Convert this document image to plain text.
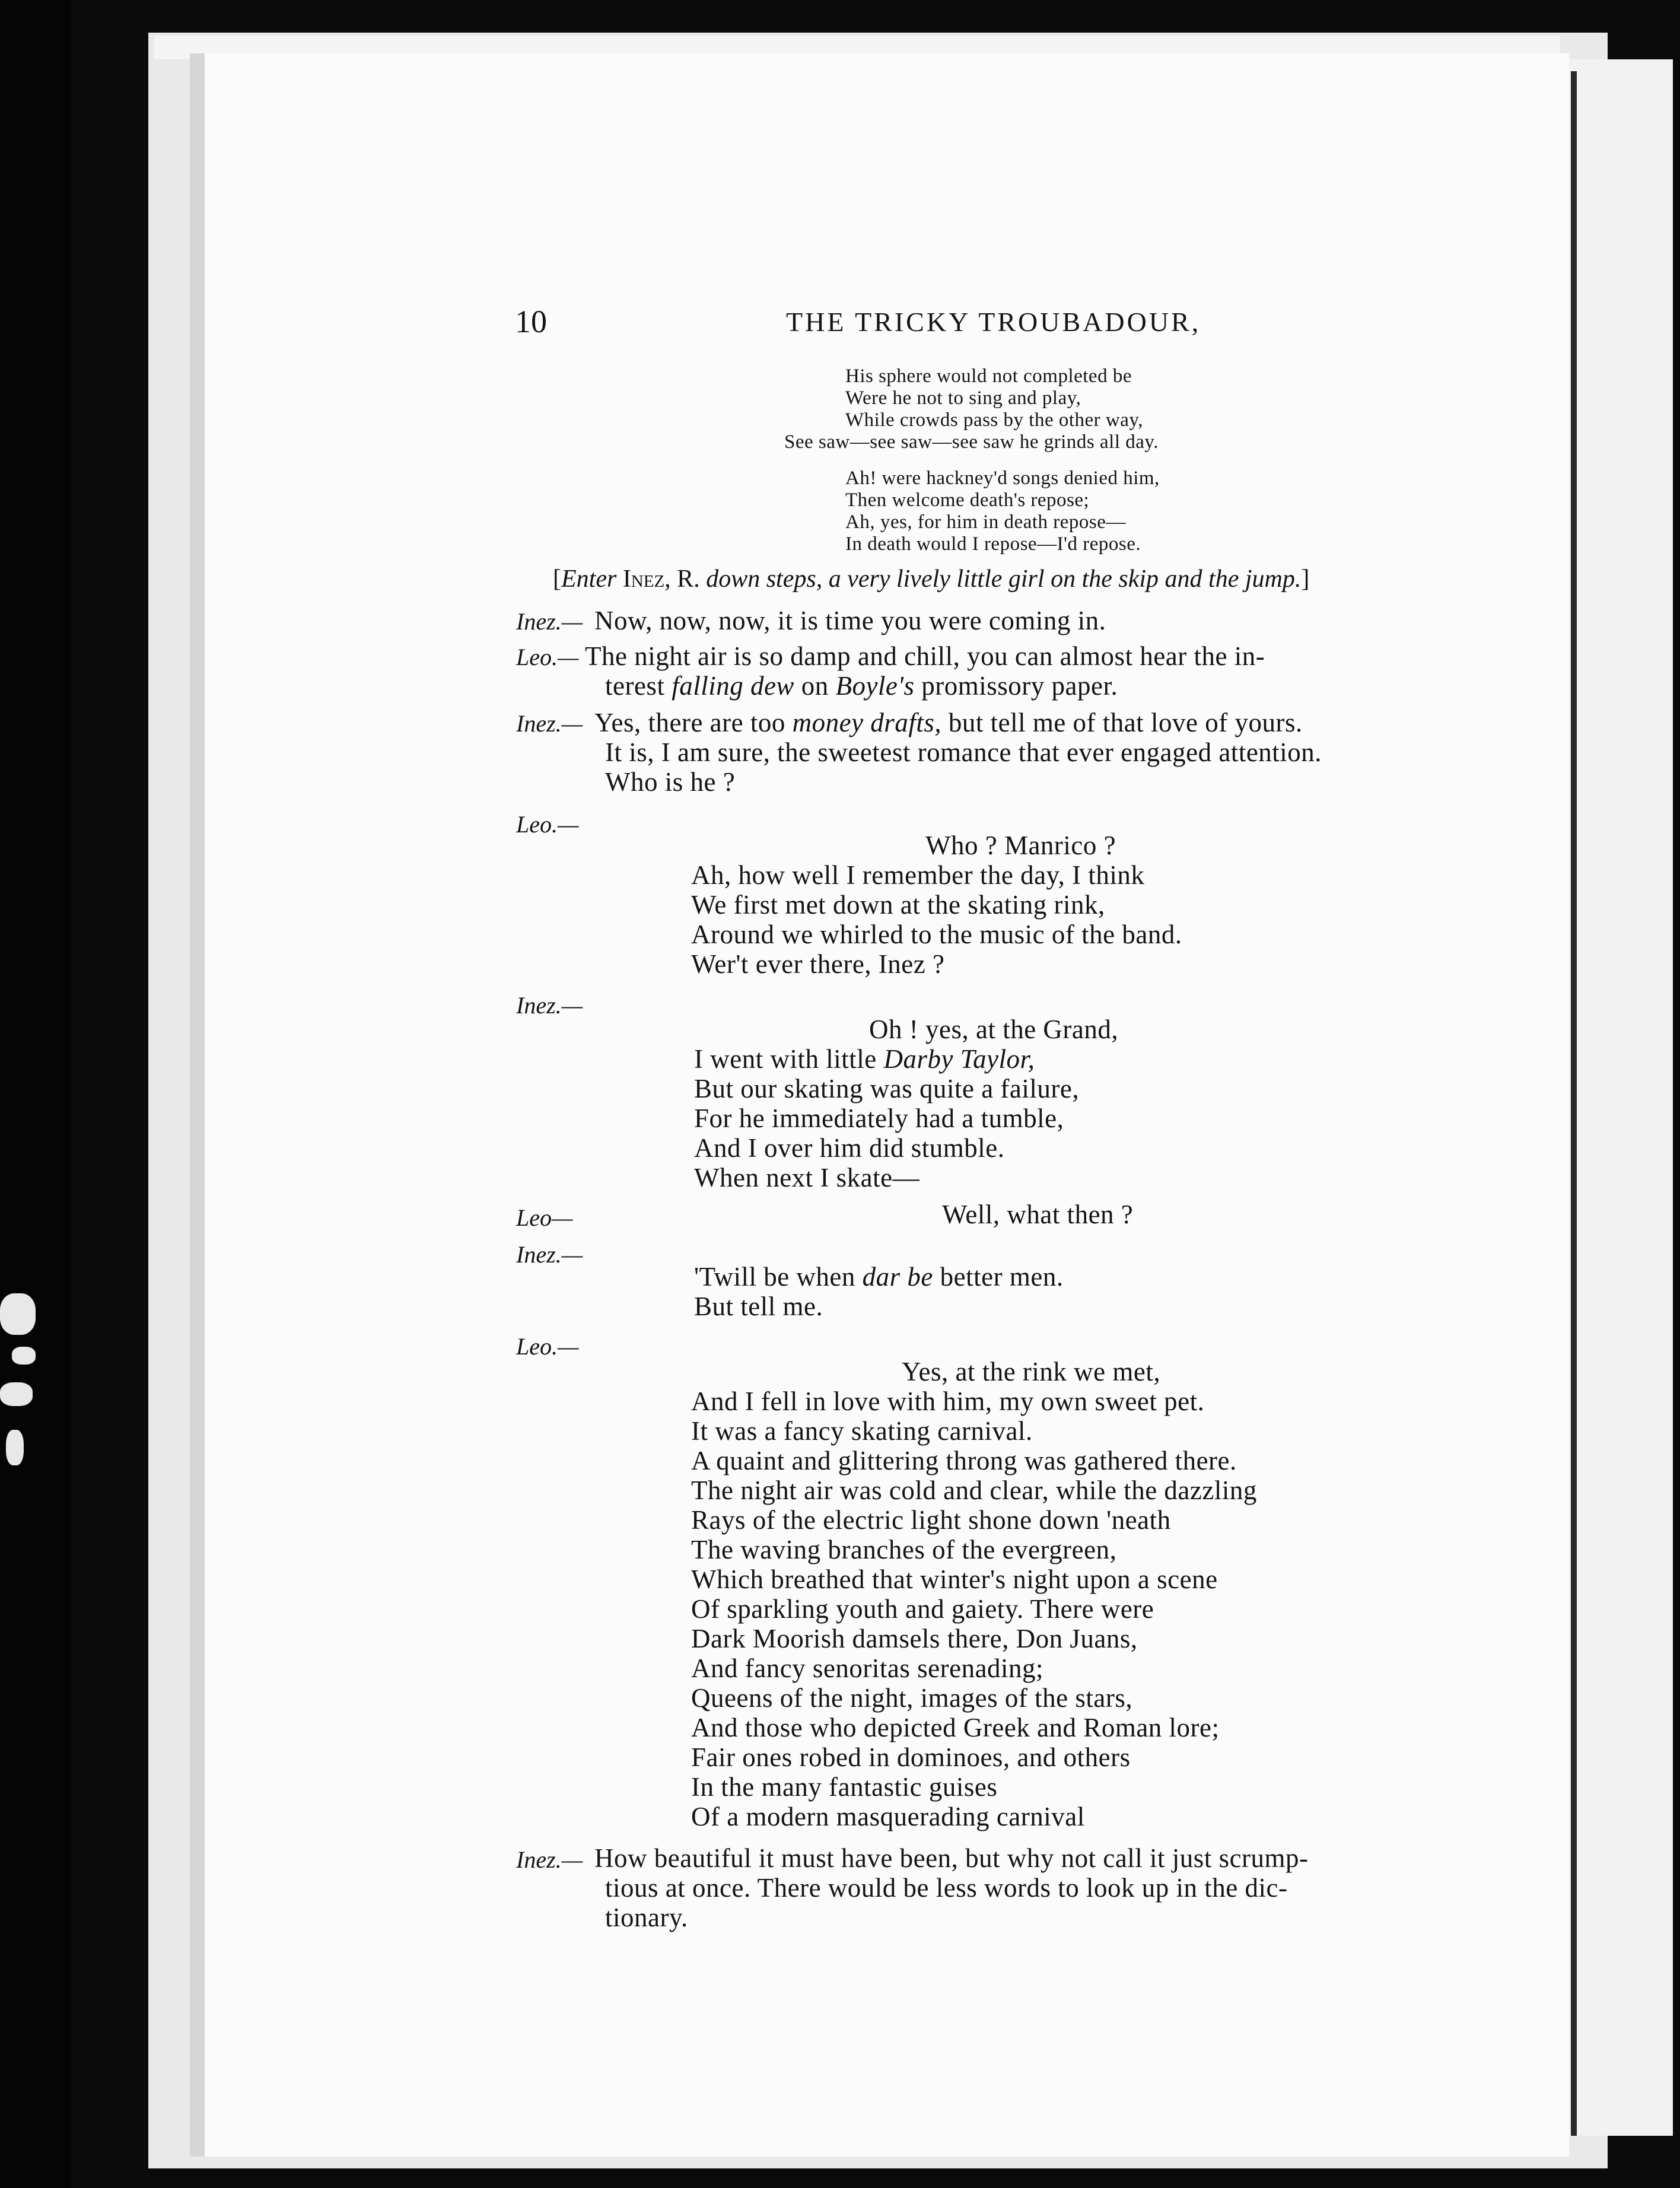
10	THE TRICKY TROUBADOUR,
His sphere would not completed be
Were he not to sing and play,
While crowds pass by the other way,
See saw—see saw—see saw he grinds all day.
Ah! were hackney'd songs denied him,
Then welcome death's repose;
Ah, yes, for him in death repose—
In death would I repose—I'd repose.
[Enter Inez, R. down steps, a very lively little girl on the skip and the jump.]
Inez.— Now, now, now, it is time you were coming in.
Leo.— The night air is so damp and chill, you can almost hear the in-
terest falling dew on Boyle's promissory paper.
Inez.— Yes, there are too money drafts, but tell me of that love of yours.
It is, I am sure, the sweetest romance that ever engaged attention.
Who is he ?
Leo.—
Who ? Manrico ?
Ah, how well I remember the day, I think
We first met down at the skating rink,
Around we whirled to the music of the band.
Wer't ever there, Inez ?
Inez.—
Oh ! yes, at the Grand,
I went with little Darby Taylor,
But our skating was quite a failure,
For he immediately had a tumble,
And I over him did stumble.
When next I skate—
Leo—	Well, what then ?
Inez.—
'Twill be when dar be better men.
But tell me.
Leo.—
Yes, at the rink we met,
And I fell in love with him, my own sweet pet.
It was a fancy skating carnival.
A quaint and glittering throng was gathered there.
The night air was cold and clear, while the dazzling
Rays of the electric light shone down 'neath
The waving branches of the evergreen,
Which breathed that winter's night upon a scene
Of sparkling youth and gaiety. There were
Dark Moorish damsels there, Don Juans,
And fancy senoritas serenading;
Queens of the night, images of the stars,
And those who depicted Greek and Roman lore;
Fair ones robed in dominoes, and others
In the many fantastic guises
Of a modern masquerading carnival
Inez.— How beautiful it must have been, but why not call it just scrump-
tious at once. There would be less words to look up in the dic-
tionary.
